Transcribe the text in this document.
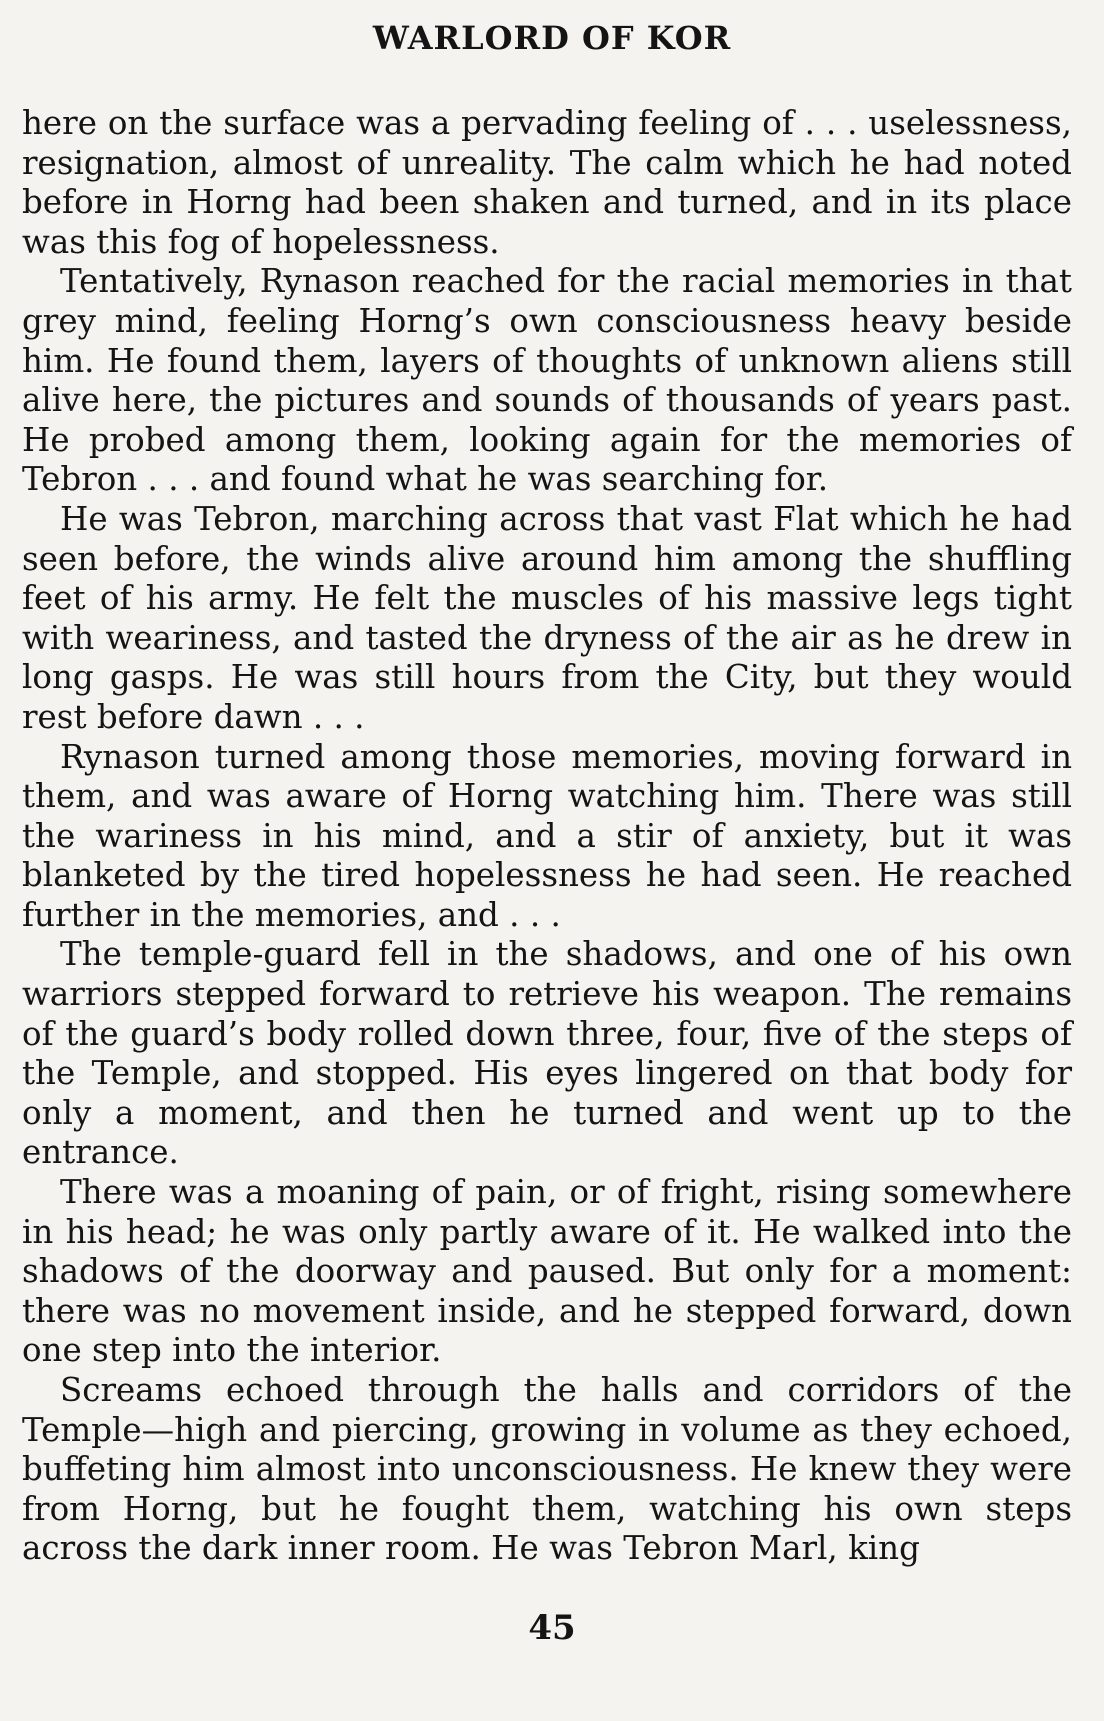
WARLORD OF KOR

here on the surface was a pervading feeling of . . . uselessness, resignation, almost of unreality. The calm which he had noted before in Horng had been shaken and turned, and in its place was this fog of hopelessness.

Tentatively, Rynason reached for the racial memories in that grey mind, feeling Horng’s own consciousness heavy beside him. He found them, layers of thoughts of unknown aliens still alive here, the pictures and sounds of thousands of years past. He probed among them, looking again for the memories of Tebron . . . and found what he was searching for.

He was Tebron, marching across that vast Flat which he had seen before, the winds alive around him among the shuffling feet of his army. He felt the muscles of his massive legs tight with weariness, and tasted the dryness of the air as he drew in long gasps. He was still hours from the City, but they would rest before dawn . . .

Rynason turned among those memories, moving forward in them, and was aware of Horng watching him. There was still the wariness in his mind, and a stir of anxiety, but it was blanketed by the tired hopelessness he had seen. He reached further in the memories, and . . .

The temple-guard fell in the shadows, and one of his own warriors stepped forward to retrieve his weapon. The remains of the guard’s body rolled down three, four, five of the steps of the Temple, and stopped. His eyes lingered on that body for only a moment, and then he turned and went up to the entrance.

There was a moaning of pain, or of fright, rising somewhere in his head; he was only partly aware of it. He walked into the shadows of the doorway and paused. But only for a moment: there was no movement inside, and he stepped forward, down one step into the interior.

Screams echoed through the halls and corridors of the Temple—high and piercing, growing in volume as they echoed, buffeting him almost into unconsciousness. He knew they were from Horng, but he fought them, watching his own steps across the dark inner room. He was Tebron Marl, king

45
